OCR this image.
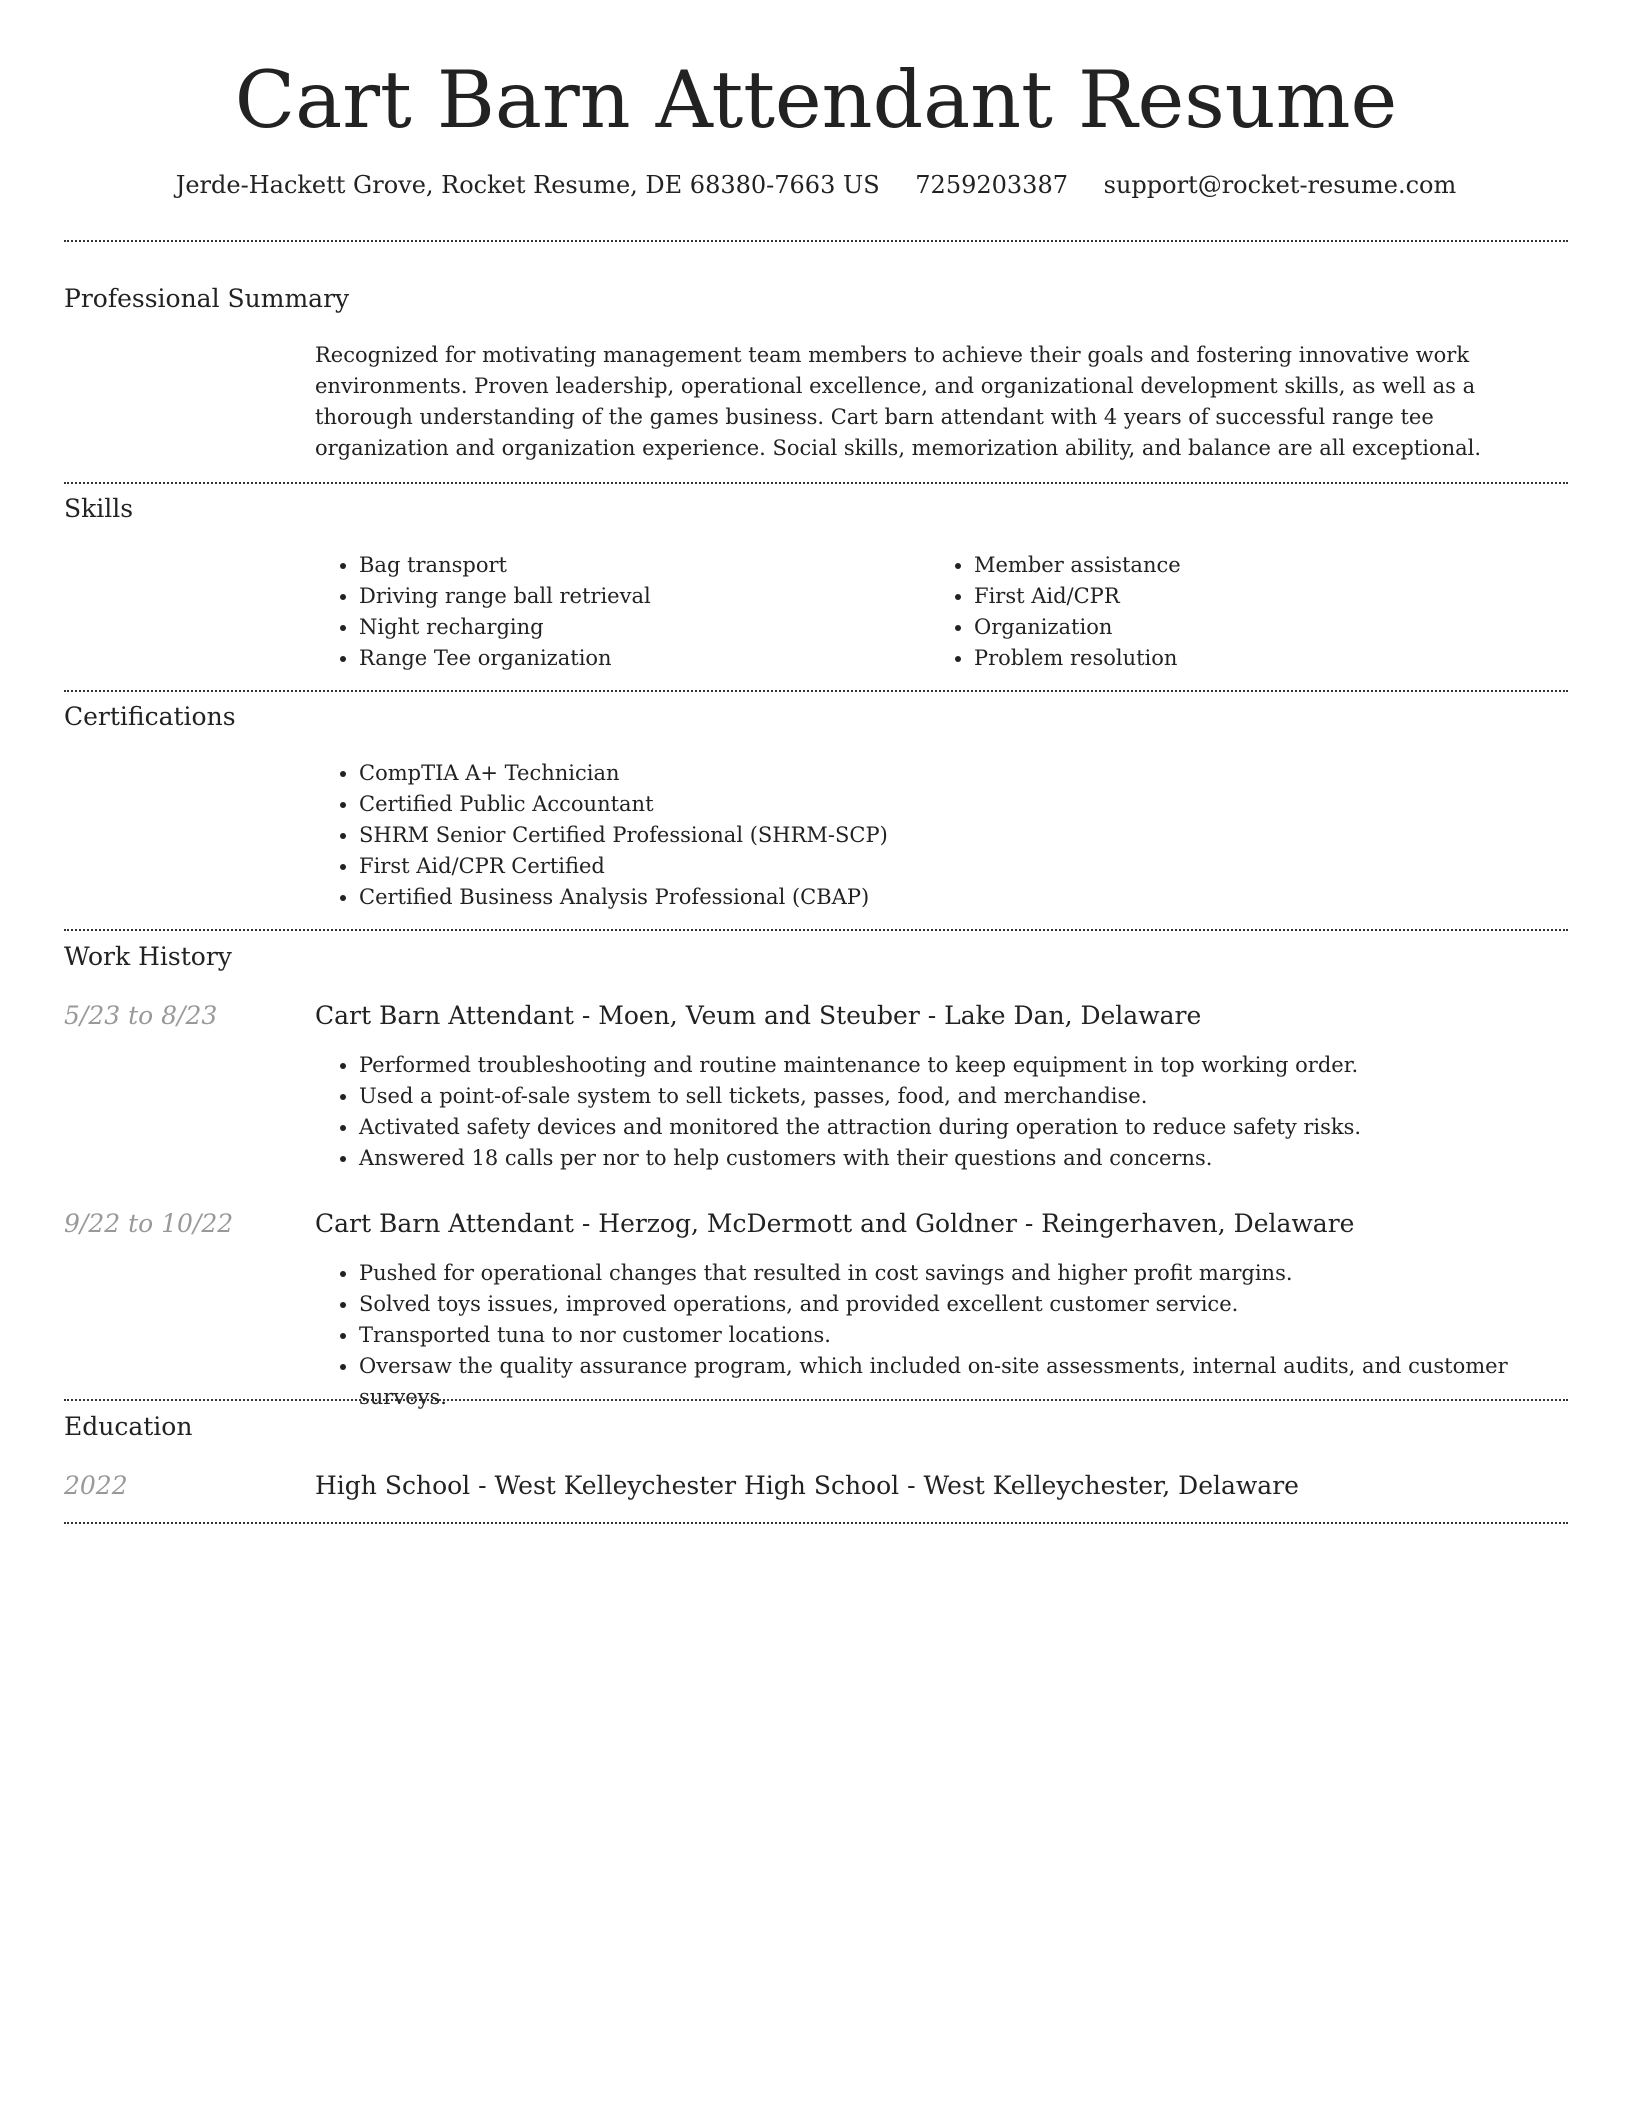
Cart Barn Attendant Resume
Jerde-Hackett Grove, Rocket Resume, DE 68380-7663 US 7259203387 support@rocket-resume.com
Professional Summary
Recognized for motivating management team members to achieve their goals and fostering innovative work environments. Proven leadership, operational excellence, and organizational development skills, as well as a thorough understanding of the games business. Cart barn attendant with 4 years of successful range tee organization and organization experience. Social skills, memorization ability, and balance are all exceptional.
Skills
• Bag transport
• Driving range ball retrieval
• Night recharging
• Range Tee organization
• Member assistance
• First Aid/CPR
• Organization
• Problem resolution
Certifications
• CompTIA A+ Technician
• Certified Public Accountant
• SHRM Senior Certified Professional (SHRM-SCP)
• First Aid/CPR Certified
• Certified Business Analysis Professional (CBAP)
Work History
5/23 to 8/23	Cart Barn Attendant - Moen, Veum and Steuber - Lake Dan, Delaware
• Performed troubleshooting and routine maintenance to keep equipment in top working order.
• Used a point-of-sale system to sell tickets, passes, food, and merchandise.
• Activated safety devices and monitored the attraction during operation to reduce safety risks.
• Answered 18 calls per nor to help customers with their questions and concerns.
9/22 to 10/22	Cart Barn Attendant - Herzog, McDermott and Goldner - Reingerhaven, Delaware
• Pushed for operational changes that resulted in cost savings and higher profit margins.
• Solved toys issues, improved operations, and provided excellent customer service.
• Transported tuna to nor customer locations.
• Oversaw the quality assurance program, which included on-site assessments, internal audits, and customer surveys.
Education
2022	High School - West Kelleychester High School - West Kelleychester, Delaware
